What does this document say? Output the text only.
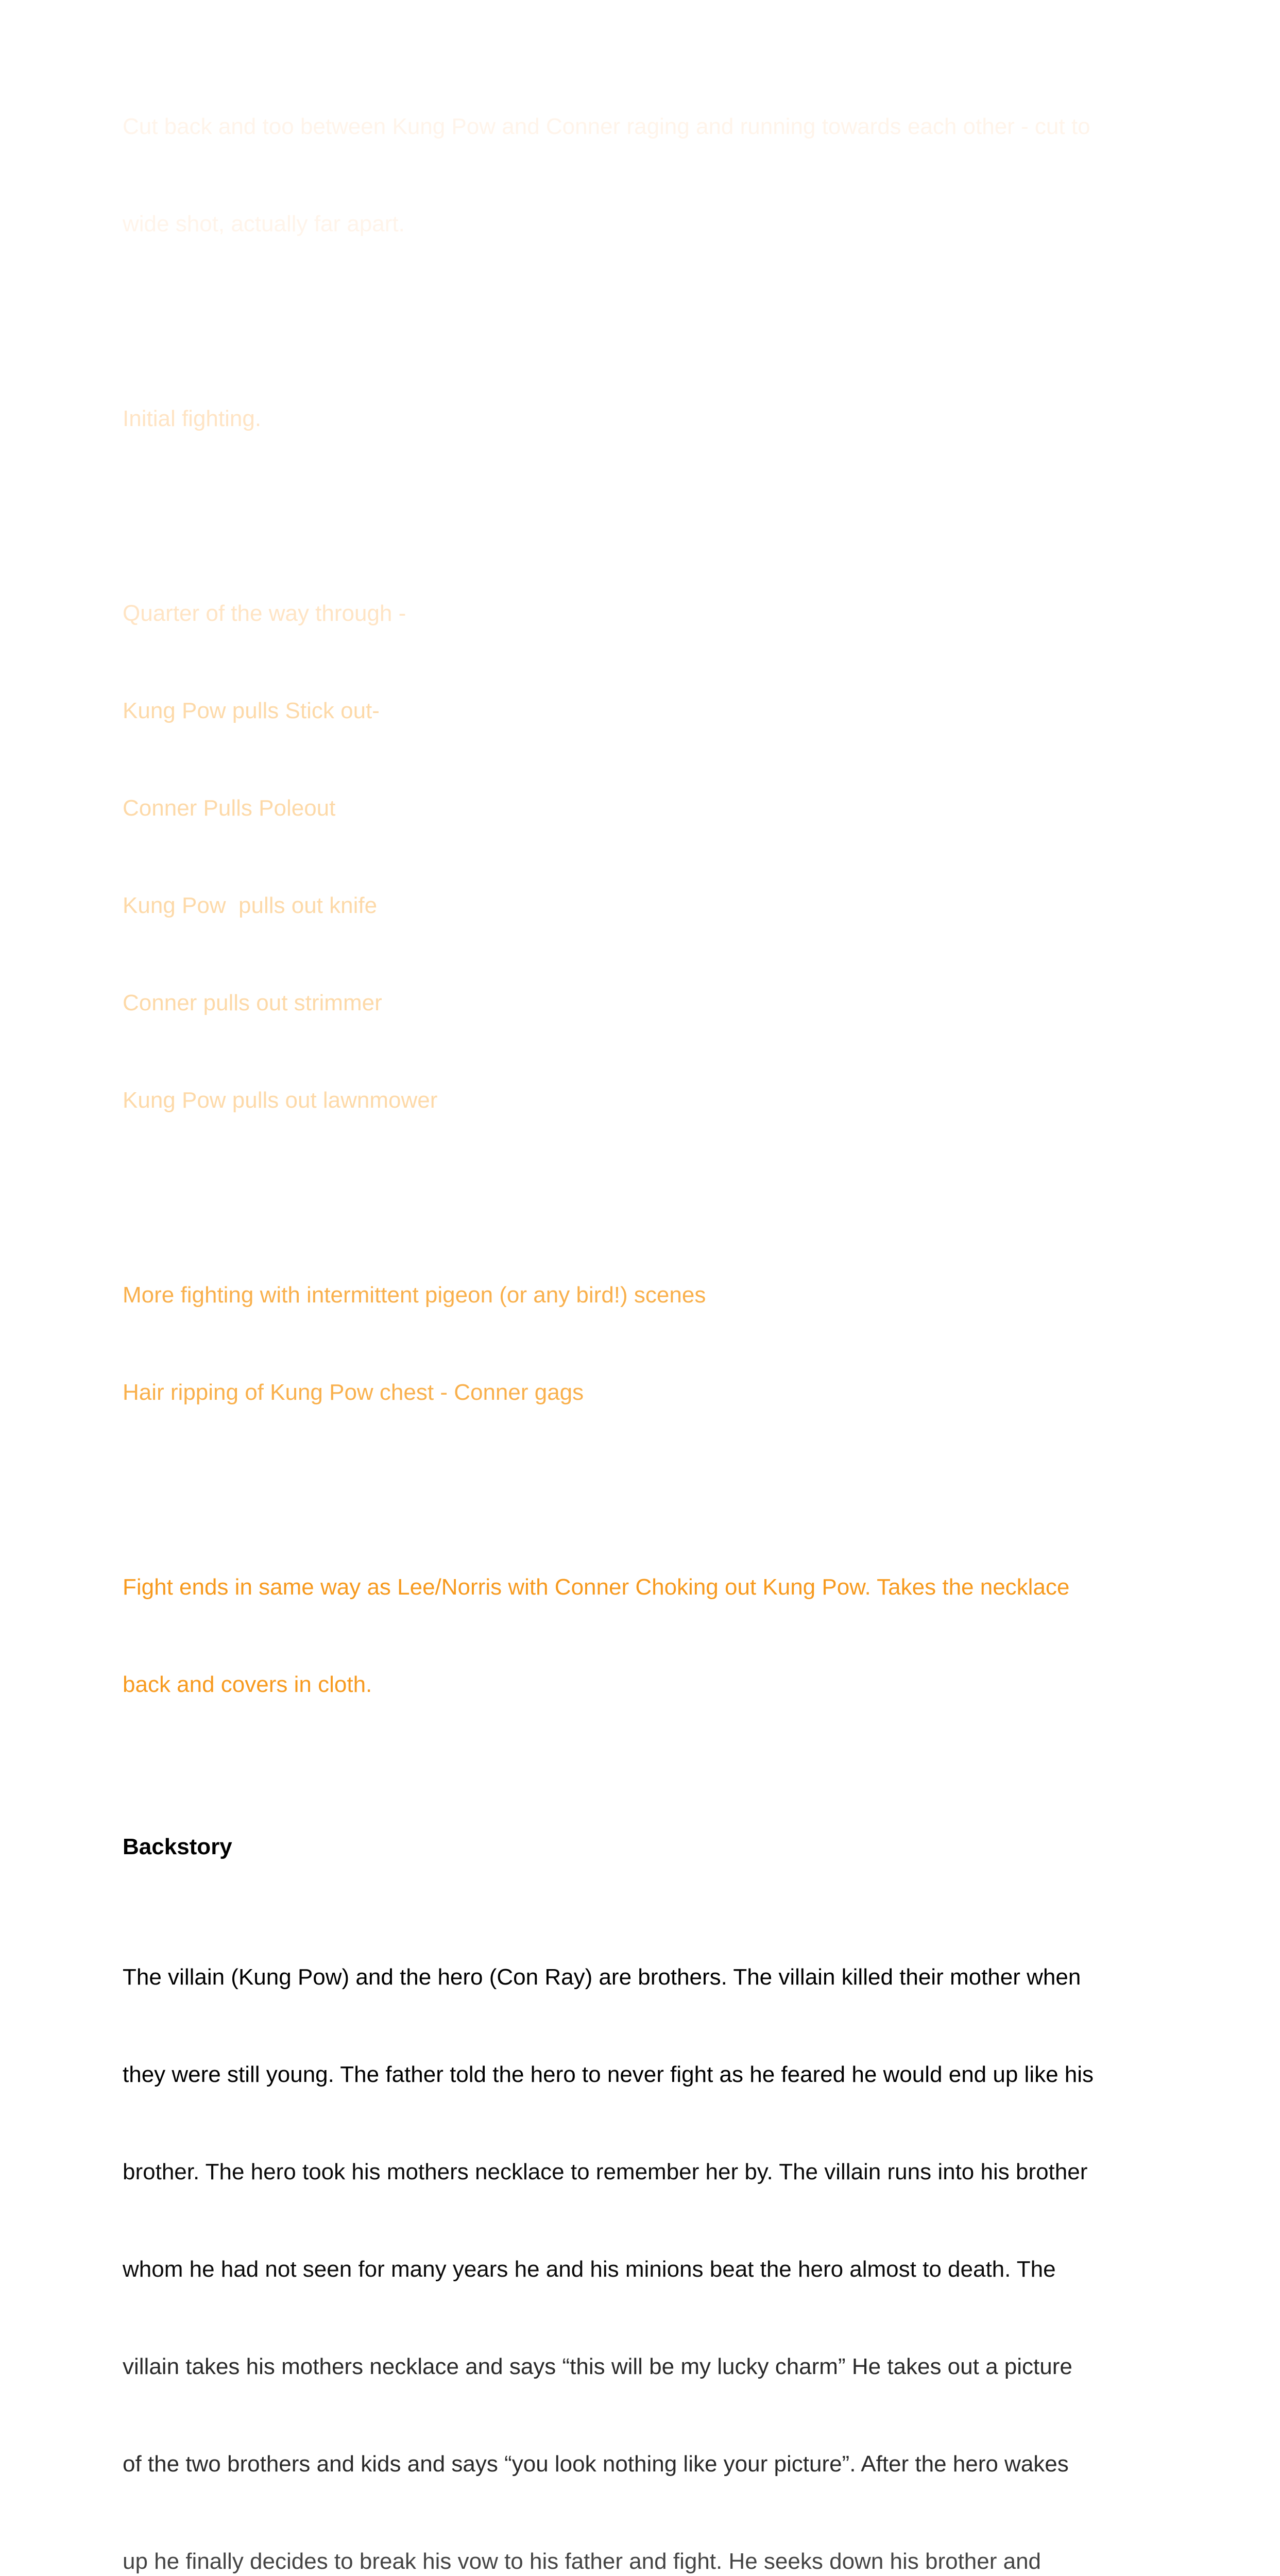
Cut back and too between Kung Pow and Conner raging and running towards each other - cut to

wide shot, actually far apart.

Initial fighting.

Quarter of the way through -

Kung Pow pulls Stick out-

Conner Pulls Poleout

Kung Pow  pulls out knife

Conner pulls out strimmer

Kung Pow pulls out lawnmower

More fighting with intermittent pigeon (or any bird!) scenes

Hair ripping of Kung Pow chest - Conner gags

Fight ends in same way as Lee/Norris with Conner Choking out Kung Pow. Takes the necklace

back and covers in cloth.

Backstory

The villain (Kung Pow) and the hero (Con Ray) are brothers. The villain killed their mother when

they were still young. The father told the hero to never fight as he feared he would end up like his

brother. The hero took his mothers necklace to remember her by. The villain runs into his brother

whom he had not seen for many years he and his minions beat the hero almost to death. The

villain takes his mothers necklace and says “this will be my lucky charm” He takes out a picture

of the two brothers and kids and says “you look nothing like your picture”. After the hero wakes

up he finally decides to break his vow to his father and fight. He seeks down his brother and
